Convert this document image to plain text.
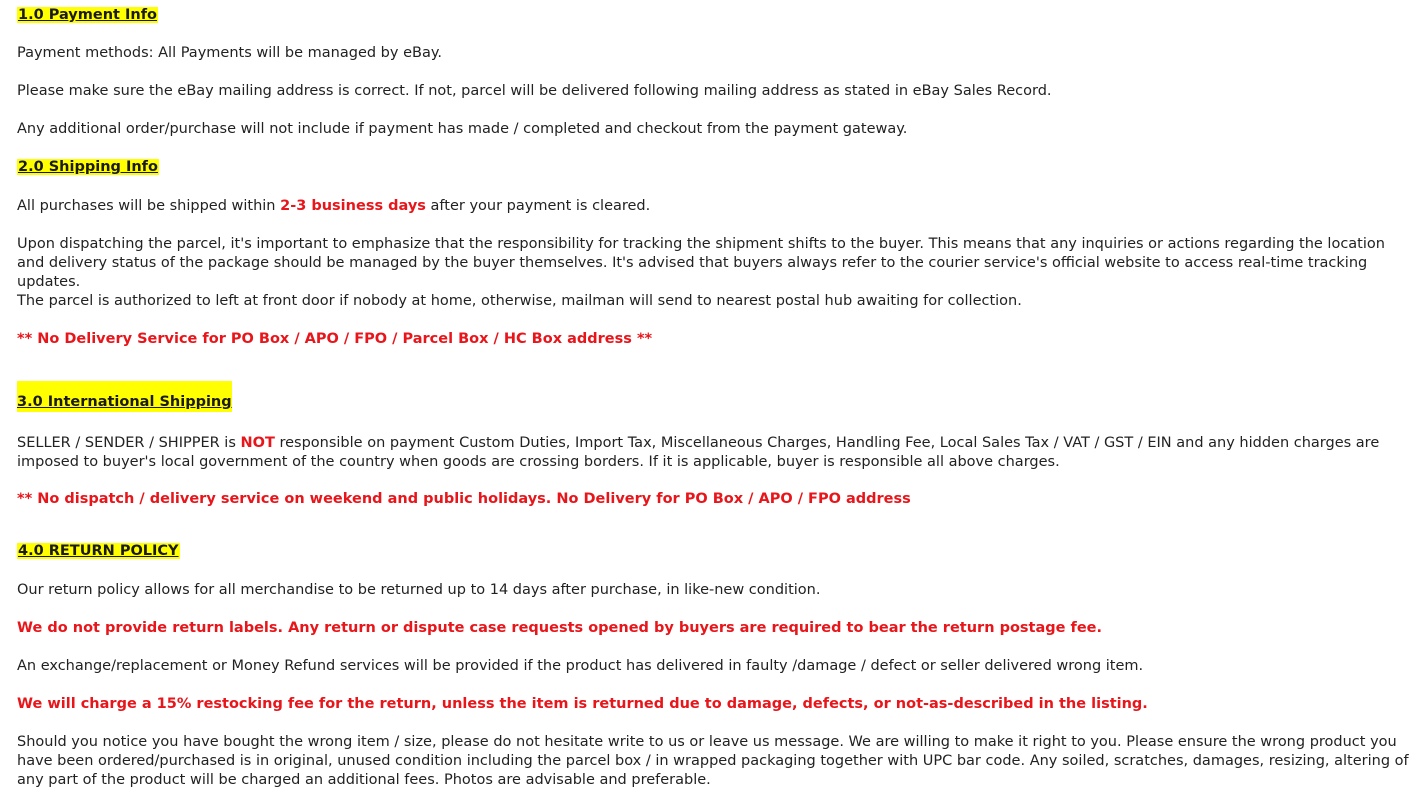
1.0 Payment Info
Payment methods: All Payments will be managed by eBay.
Please make sure the eBay mailing address is correct. If not, parcel will be delivered following mailing address as stated in eBay Sales Record.
Any additional order/purchase will not include if payment has made / completed and checkout from the payment gateway.
2.0 Shipping Info
All purchases will be shipped within 2-3 business days after your payment is cleared.
Upon dispatching the parcel, it's important to emphasize that the responsibility for tracking the shipment shifts to the buyer. This means that any inquiries or actions regarding the location and delivery status of the package should be managed by the buyer themselves. It's advised that buyers always refer to the courier service's official website to access real-time tracking updates.
The parcel is authorized to left at front door if nobody at home, otherwise, mailman will send to nearest postal hub awaiting for collection.
** No Delivery Service for PO Box / APO / FPO / Parcel Box / HC Box address **
3.0 International Shipping
SELLER / SENDER / SHIPPER is NOT responsible on payment Custom Duties, Import Tax, Miscellaneous Charges, Handling Fee, Local Sales Tax / VAT / GST / EIN and any hidden charges are imposed to buyer's local government of the country when goods are crossing borders. If it is applicable, buyer is responsible all above charges.
** No dispatch / delivery service on weekend and public holidays. No Delivery for PO Box / APO / FPO address
4.0 RETURN POLICY
Our return policy allows for all merchandise to be returned up to 14 days after purchase, in like-new condition.
We do not provide return labels. Any return or dispute case requests opened by buyers are required to bear the return postage fee.
An exchange/replacement or Money Refund services will be provided if the product has delivered in faulty /damage / defect or seller delivered wrong item.
We will charge a 15% restocking fee for the return, unless the item is returned due to damage, defects, or not-as-described in the listing.
Should you notice you have bought the wrong item / size, please do not hesitate write to us or leave us message. We are willing to make it right to you. Please ensure the wrong product you have been ordered/purchased is in original, unused condition including the parcel box / in wrapped packaging together with UPC bar code. Any soiled, scratches, damages, resizing, altering of any part of the product will be charged an additional fees. Photos are advisable and preferable.
